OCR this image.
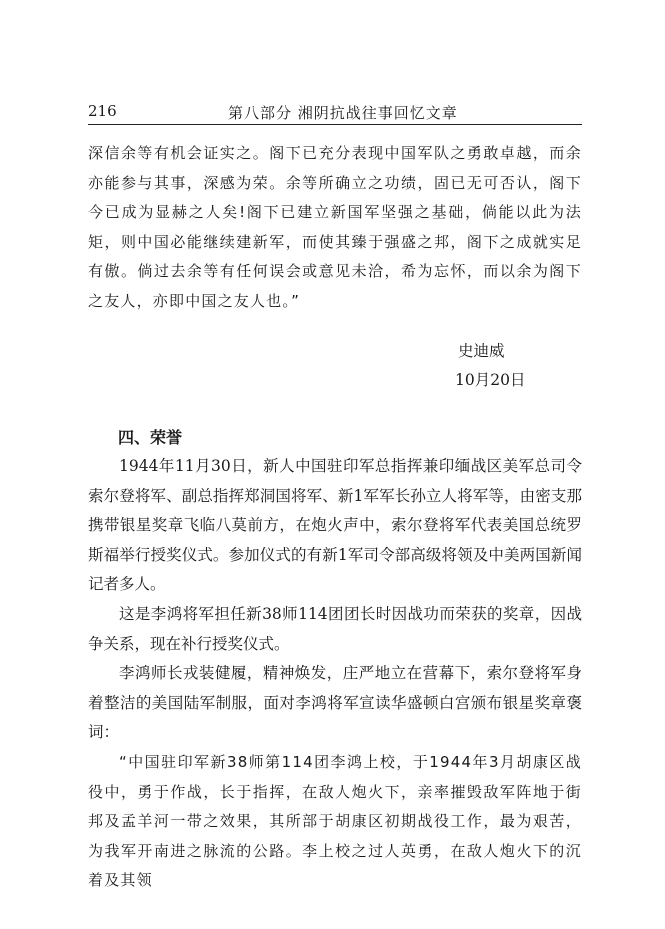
216	第八部分 湘阴抗战往事回忆文章

深信余等有机会证实之。阁下已充分表现中国军队之勇敢卓越，而余亦能参与其事，深感为荣。余等所确立之功绩，固已无可否认，阁下今已成为显赫之人矣!阁下已建立新国军坚强之基础，倘能以此为法矩，则中国必能继续建新军，而使其臻于强盛之邦，阁下之成就实足有傲。倘过去余等有任何误会或意见未洽，希为忘怀，而以余为阁下之友人，亦即中国之友人也。”

史迪威
10月20日
四、荣誉

1944年11月30日，新人中国驻印军总指挥兼印缅战区美军总司令索尔登将军、副总指挥郑洞国将军、新1军军长孙立人将军等，由密支那携带银星奖章飞临八莫前方，在炮火声中，索尔登将军代表美国总统罗斯福举行授奖仪式。参加仪式的有新1军司令部高级将领及中美两国新闻记者多人。

这是李鸿将军担任新38师114团团长时因战功而荣获的奖章，因战争关系，现在补行授奖仪式。

李鸿师长戎装健履，精神焕发，庄严地立在营幕下，索尔登将军身着整洁的美国陆军制服，面对李鸿将军宣读华盛顿白宫颁布银星奖章褒词：

“中国驻印军新38师第114团李鸿上校，于1944年3月胡康区战役中，勇于作战，长于指挥，在敌人炮火下，亲率摧毁敌军阵地于街邦及孟羊河一带之效果，其所部于胡康区初期战役工作，最为艰苦，为我军开南进之脉流的公路。李上校之过人英勇，在敌人炮火下的沉着及其领
